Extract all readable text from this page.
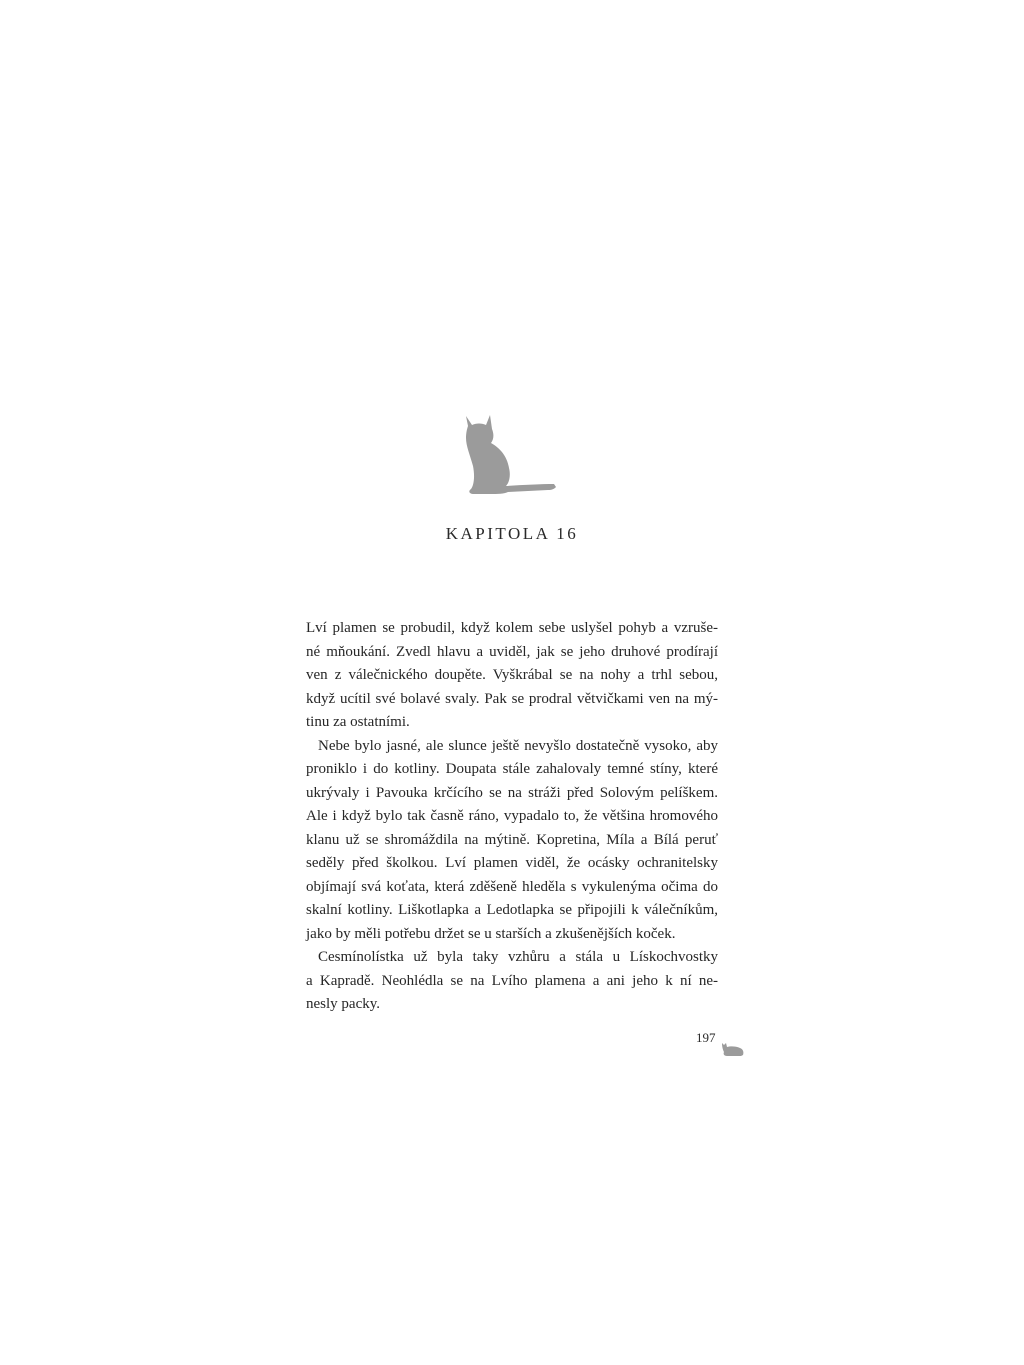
KAPITOLA 16

Lví plamen se probudil, když kolem sebe uslyšel pohyb a vzruše-
né mňoukání. Zvedl hlavu a uviděl, jak se jeho druhové prodírají
ven z válečnického doupěte. Vyškrábal se na nohy a trhl sebou,
když ucítil své bolavé svaly. Pak se prodral větvičkami ven na mý-
tinu za ostatními.

Nebe bylo jasné, ale slunce ještě nevyšlo dostatečně vysoko, aby
proniklo i do kotliny. Doupata stále zahalovaly temné stíny, které
ukrývaly i Pavouka krčícího se na stráži před Solovým pelíškem.
Ale i když bylo tak časně ráno, vypadalo to, že většina hromového
klanu už se shromáždila na mýtině. Kopretina, Míla a Bílá peruť
seděly před školkou. Lví plamen viděl, že ocásky ochranitelsky
objímají svá koťata, která zděšeně hleděla s vykulenýma očima do
skalní kotliny. Liškotlapka a Ledotlapka se připojili k válečníkům,
jako by měli potřebu držet se u starších a zkušenějších koček.

Cesmínolístka už byla taky vzhůru a stála u Lískochvostky
a Kapradě. Neohlédla se na Lvího plamena a ani jeho k ní ne-
nesly packy.

197
